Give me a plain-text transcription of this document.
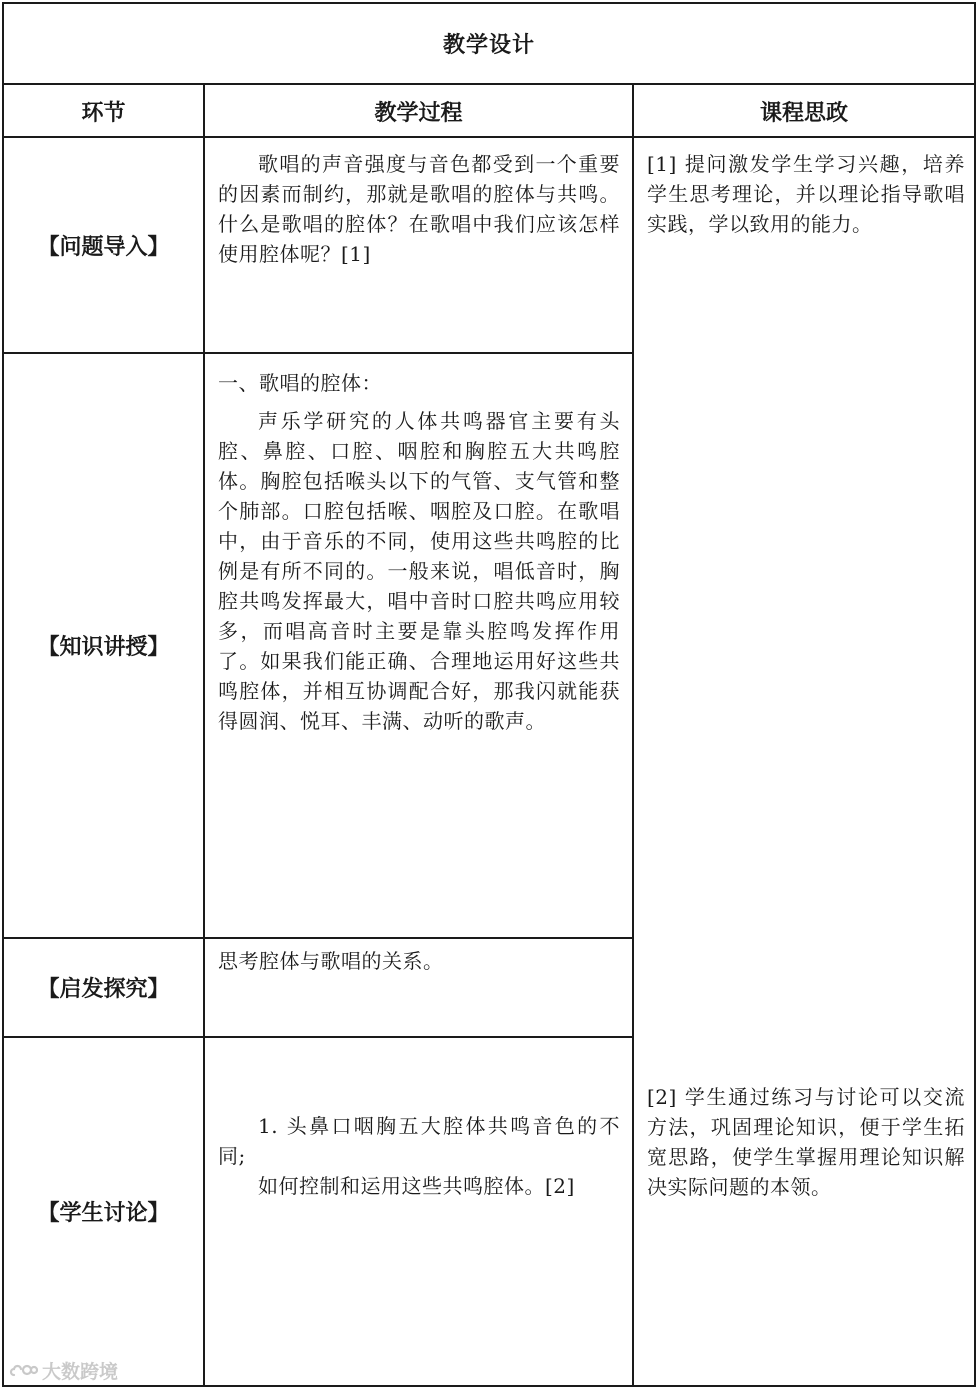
教学设计
环节	教学过程	课程思政
【问题导入】

歌唱的声音强度与音色都受到一个重要的因素而制约，那就是歌唱的腔体与共鸣。什么是歌唱的腔体？在歌唱中我们应该怎样使用腔体呢？[1]

【知识讲授】

一、歌唱的腔体：

声乐学研究的人体共鸣器官主要有头腔、鼻腔、口腔、咽腔和胸腔五大共鸣腔体。胸腔包括喉头以下的气管、支气管和整个肺部。口腔包括喉、咽腔及口腔。在歌唱中，由于音乐的不同，使用这些共鸣腔的比例是有所不同的。一般来说，唱低音时，胸腔共鸣发挥最大，唱中音时口腔共鸣应用较多，而唱高音时主要是靠头腔鸣发挥作用了。如果我们能正确、合理地运用好这些共鸣腔体，并相互协调配合好，那我闪就能获得圆润、悦耳、丰满、动听的歌声。

【启发探究】

思考腔体与歌唱的关系。

【学生讨论】

1. 头鼻口咽胸五大腔体共鸣音色的不同;

如何控制和运用这些共鸣腔体。[2]

[1] 提问激发学生学习兴趣，培养学生思考理论，并以理论指导歌唱实践，学以致用的能力。
[2] 学生通过练习与讨论可以交流方法，巩固理论知识，便于学生拓宽思路，使学生掌握用理论知识解决实际问题的本领。
大数跨境
